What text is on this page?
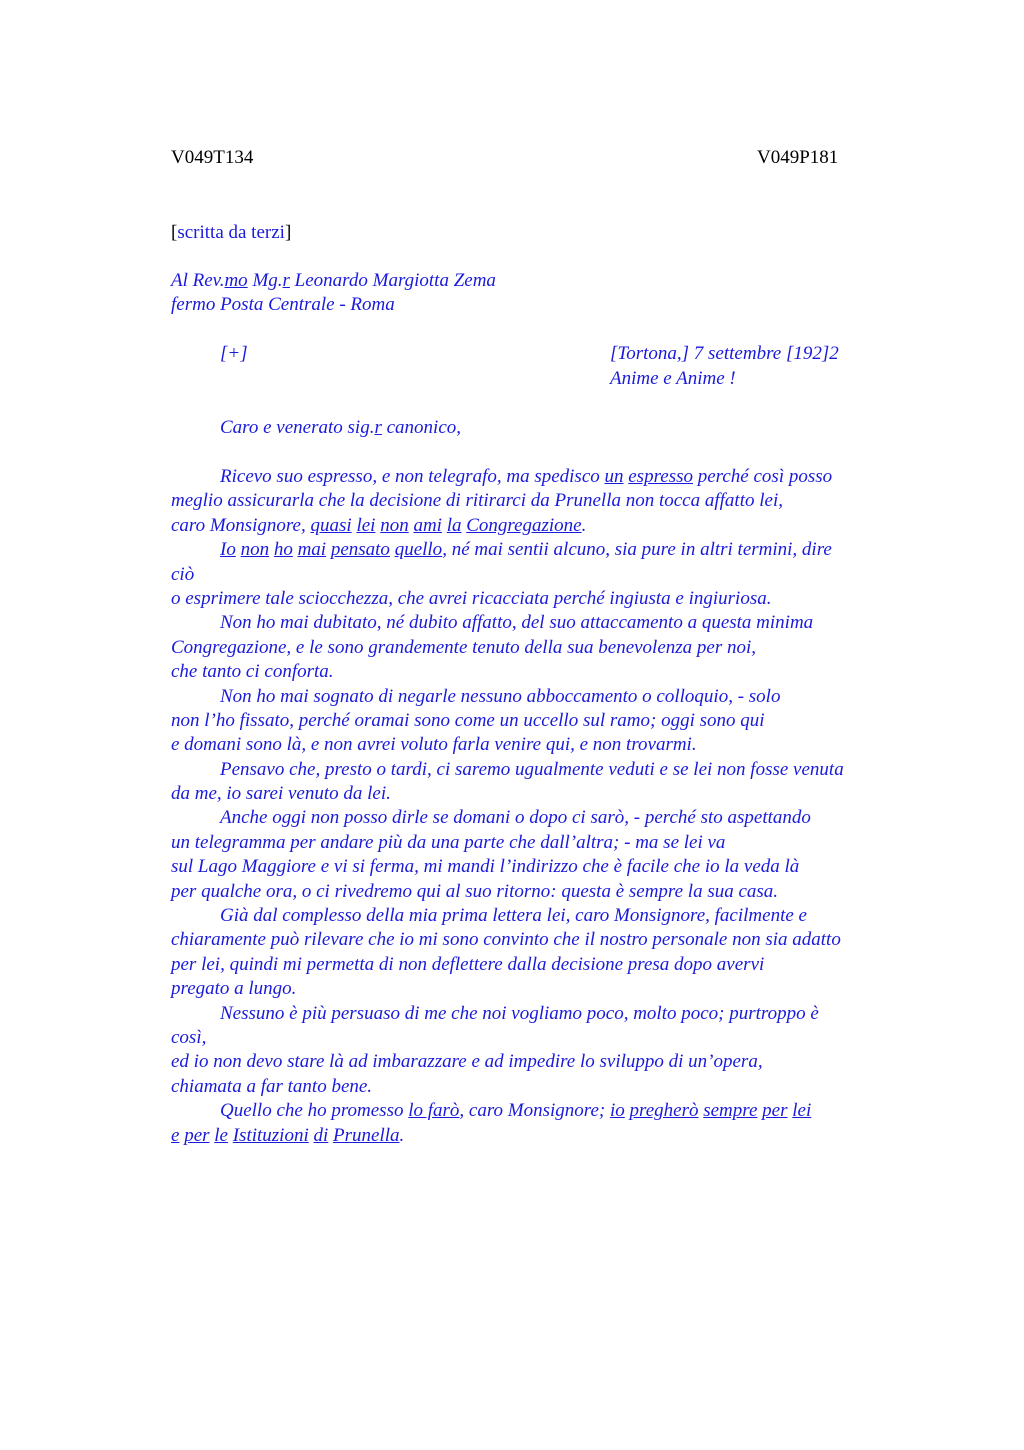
V049T134	V049P181
[scritta da terzi]
Al Rev.mo Mg.r Leonardo Margiotta Zema
fermo Posta Centrale - Roma
[+]	[Tortona,] 7 settembre [192]2
Anime e Anime !
Caro e venerato sig.r canonico,
Ricevo suo espresso, e non telegrafo, ma spedisco un espresso perché così posso
meglio assicurarla che la decisione di ritirarci da Prunella non tocca affatto lei,
caro Monsignore, quasi lei non ami la Congregazione.
Io non ho mai pensato quello, né mai sentii alcuno, sia pure in altri termini, dire
ciò
o esprimere tale sciocchezza, che avrei ricacciata perché ingiusta e ingiuriosa.
Non ho mai dubitato, né dubito affatto, del suo attaccamento a questa minima
Congregazione, e le sono grandemente tenuto della sua benevolenza per noi,
che tanto ci conforta.
Non ho mai sognato di negarle nessuno abboccamento o colloquio, - solo
non l’ho fissato, perché oramai sono come un uccello sul ramo; oggi sono qui
e domani sono là, e non avrei voluto farla venire qui, e non trovarmi.
Pensavo che, presto o tardi, ci saremo ugualmente veduti e se lei non fosse venuta
da me, io sarei venuto da lei.
Anche oggi non posso dirle se domani o dopo ci sarò, - perché sto aspettando
un telegramma per andare più da una parte che dall’altra; - ma se lei va
sul Lago Maggiore e vi si ferma, mi mandi l’indirizzo che è facile che io la veda là
per qualche ora, o ci rivedremo qui al suo ritorno: questa è sempre la sua casa.
Già dal complesso della mia prima lettera lei, caro Monsignore, facilmente e
chiaramente può rilevare che io mi sono convinto che il nostro personale non sia adatto
per lei, quindi mi permetta di non deflettere dalla decisione presa dopo avervi
pregato a lungo.
Nessuno è più persuaso di me che noi vogliamo poco, molto poco; purtroppo è
così,
ed io non devo stare là ad imbarazzare e ad impedire lo sviluppo di un’opera,
chiamata a far tanto bene.
Quello che ho promesso lo farò, caro Monsignore; io pregherò sempre per lei
e per le Istituzioni di Prunella.
